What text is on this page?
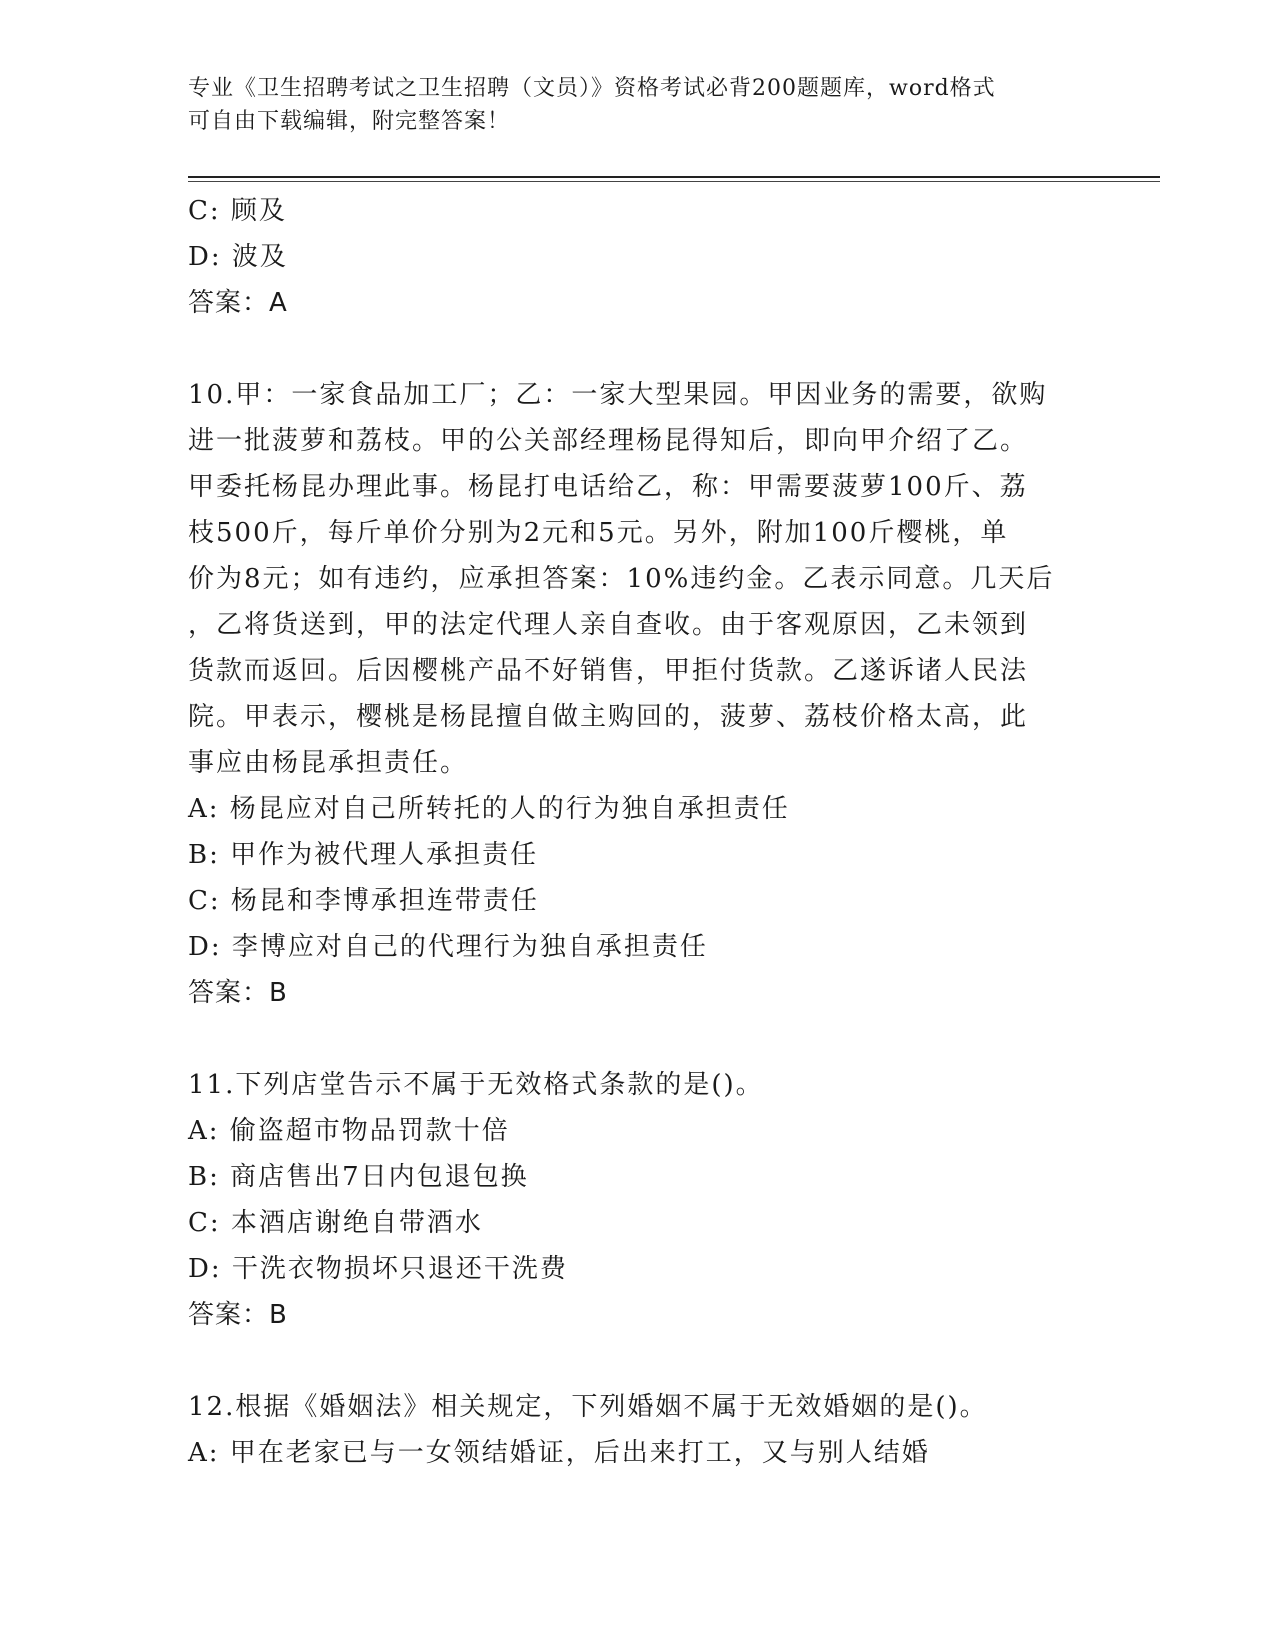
专业《卫生招聘考试之卫生招聘（文员）》资格考试必背200题题库，word格式
可自由下载编辑，附完整答案！
C: 顾及
D: 波及
答案：A
10.甲：一家食品加工厂；乙：一家大型果园。甲因业务的需要，欲购
进一批菠萝和荔枝。甲的公关部经理杨昆得知后，即向甲介绍了乙。
甲委托杨昆办理此事。杨昆打电话给乙，称：甲需要菠萝100斤、荔
枝500斤，每斤单价分别为2元和5元。另外，附加100斤樱桃，单
价为8元；如有违约，应承担答案：10%违约金。乙表示同意。几天后
，乙将货送到，甲的法定代理人亲自查收。由于客观原因，乙未领到
货款而返回。后因樱桃产品不好销售，甲拒付货款。乙遂诉诸人民法
院。甲表示，樱桃是杨昆擅自做主购回的，菠萝、荔枝价格太高，此
事应由杨昆承担责任。
A: 杨昆应对自己所转托的人的行为独自承担责任
B: 甲作为被代理人承担责任
C: 杨昆和李博承担连带责任
D: 李博应对自己的代理行为独自承担责任
答案：B
11.下列店堂告示不属于无效格式条款的是()。
A: 偷盗超市物品罚款十倍
B: 商店售出7日内包退包换
C: 本酒店谢绝自带酒水
D: 干洗衣物损坏只退还干洗费
答案：B
12.根据《婚姻法》相关规定，下列婚姻不属于无效婚姻的是()。
A: 甲在老家已与一女领结婚证，后出来打工，又与别人结婚
